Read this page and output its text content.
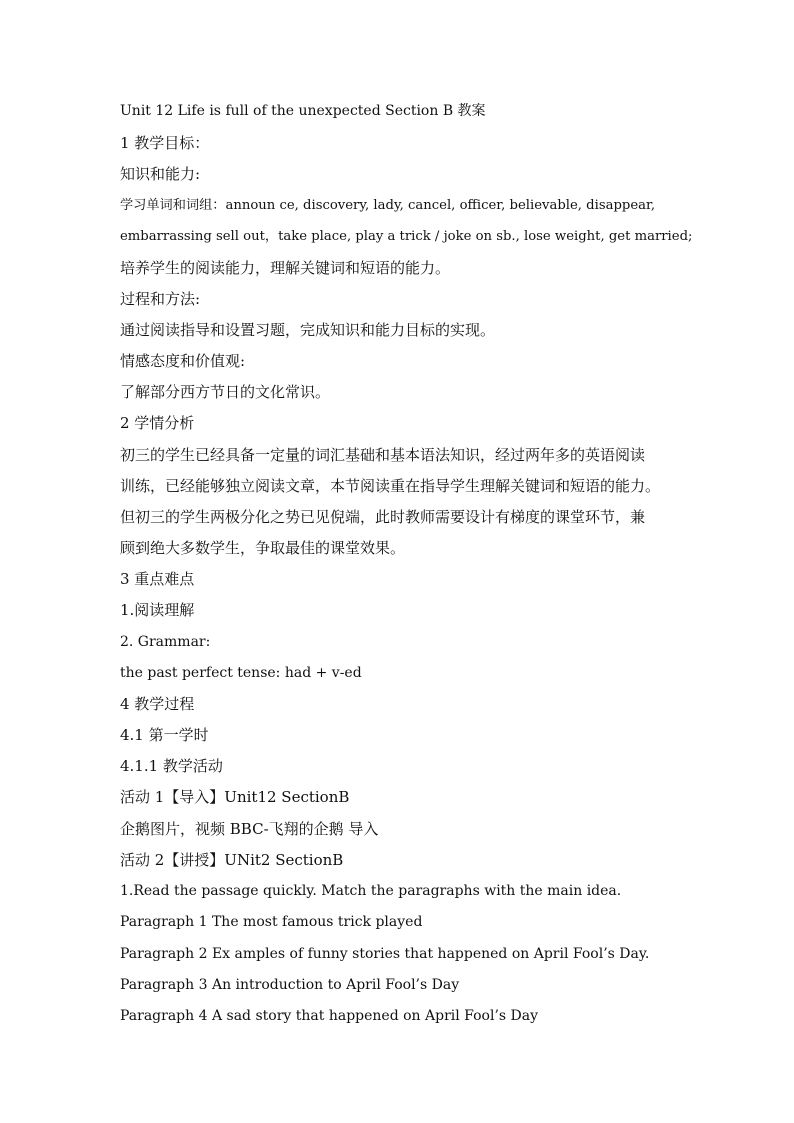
Unit 12 Life is full of the unexpected Section B 教案
1 教学目标：
知识和能力:
学习单词和词组：announ ce, discovery, lady, cancel, officer, believable, disappear,
embarrassing sell out，take place, play a trick / joke on sb., lose weight, get married;
培养学生的阅读能力，理解关键词和短语的能力。
过程和方法:
通过阅读指导和设置习题，完成知识和能力目标的实现。
情感态度和价值观:
了解部分西方节日的文化常识。
2 学情分析
初三的学生已经具备一定量的词汇基础和基本语法知识，经过两年多的英语阅读
训练，已经能够独立阅读文章，本节阅读重在指导学生理解关键词和短语的能力。
但初三的学生两极分化之势已见倪端，此时教师需要设计有梯度的课堂环节，兼
顾到绝大多数学生，争取最佳的课堂效果。
3 重点难点
1.阅读理解
2. Grammar:
the past perfect tense: had + v-ed
4 教学过程
4.1 第一学时
4.1.1 教学活动
活动 1【导入】Unit12 SectionB
企鹅图片，视频 BBC-飞翔的企鹅 导入
活动 2【讲授】UNit2 SectionB
1.Read the passage quickly. Match the paragraphs with the main idea.
Paragraph 1 The most famous trick played
Paragraph 2 Ex amples of funny stories that happened on April Fool’s Day.
Paragraph 3 An introduction to April Fool’s Day
Paragraph 4 A sad story that happened on April Fool’s Day
